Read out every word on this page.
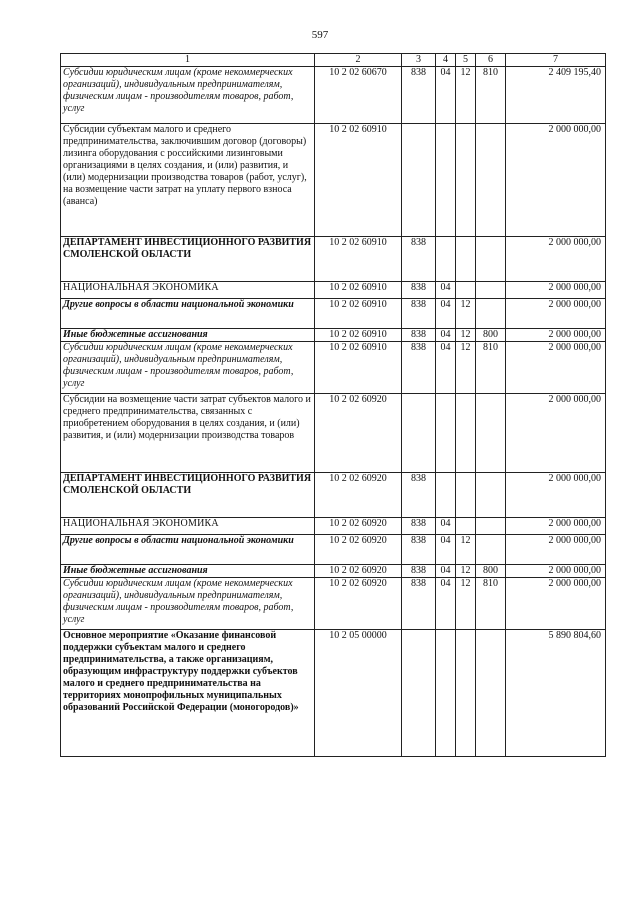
597
1	2	3	4	5	6	7
Субсидии юридическим лицам (кроме некоммерческих организаций), индивидуальным предпринимателям, физическим лицам - производителям товаров, работ, услуг	10 2 02 60670	838	04	12	810	2 409 195,40
Субсидии субъектам малого и среднего предпринимательства, заключившим договор (договоры) лизинга оборудования с российскими лизинговыми организациями в целях создания, и (или) развития, и (или) модернизации производства товаров (работ, услуг), на возмещение части затрат на уплату первого взноса (аванса)	10 2 02 60910					2 000 000,00
ДЕПАРТАМЕНТ ИНВЕСТИЦИОННОГО РАЗВИТИЯ СМОЛЕНСКОЙ ОБЛАСТИ	10 2 02 60910	838				2 000 000,00
НАЦИОНАЛЬНАЯ ЭКОНОМИКА	10 2 02 60910	838	04			2 000 000,00
Другие вопросы в области национальной экономики	10 2 02 60910	838	04	12		2 000 000,00
Иные бюджетные ассигнования	10 2 02 60910	838	04	12	800	2 000 000,00
Субсидии юридическим лицам (кроме некоммерческих организаций), индивидуальным предпринимателям, физическим лицам - производителям товаров, работ, услуг	10 2 02 60910	838	04	12	810	2 000 000,00
Субсидии на возмещение части затрат субъектов малого и среднего предпринимательства, связанных с приобретением оборудования в целях создания, и (или) развития, и (или) модернизации производства товаров	10 2 02 60920					2 000 000,00
ДЕПАРТАМЕНТ ИНВЕСТИЦИОННОГО РАЗВИТИЯ СМОЛЕНСКОЙ ОБЛАСТИ	10 2 02 60920	838				2 000 000,00
НАЦИОНАЛЬНАЯ ЭКОНОМИКА	10 2 02 60920	838	04			2 000 000,00
Другие вопросы в области национальной экономики	10 2 02 60920	838	04	12		2 000 000,00
Иные бюджетные ассигнования	10 2 02 60920	838	04	12	800	2 000 000,00
Субсидии юридическим лицам (кроме некоммерческих организаций), индивидуальным предпринимателям, физическим лицам - производителям товаров, работ, услуг	10 2 02 60920	838	04	12	810	2 000 000,00
Основное мероприятие «Оказание финансовой поддержки субъектам малого и среднего предпринимательства, а также организациям, образующим инфраструктуру поддержки субъектов малого и среднего предпринимательства на территориях монопрофильных муниципальных образований Российской Федерации (моногородов)»	10 2 05 00000					5 890 804,60
